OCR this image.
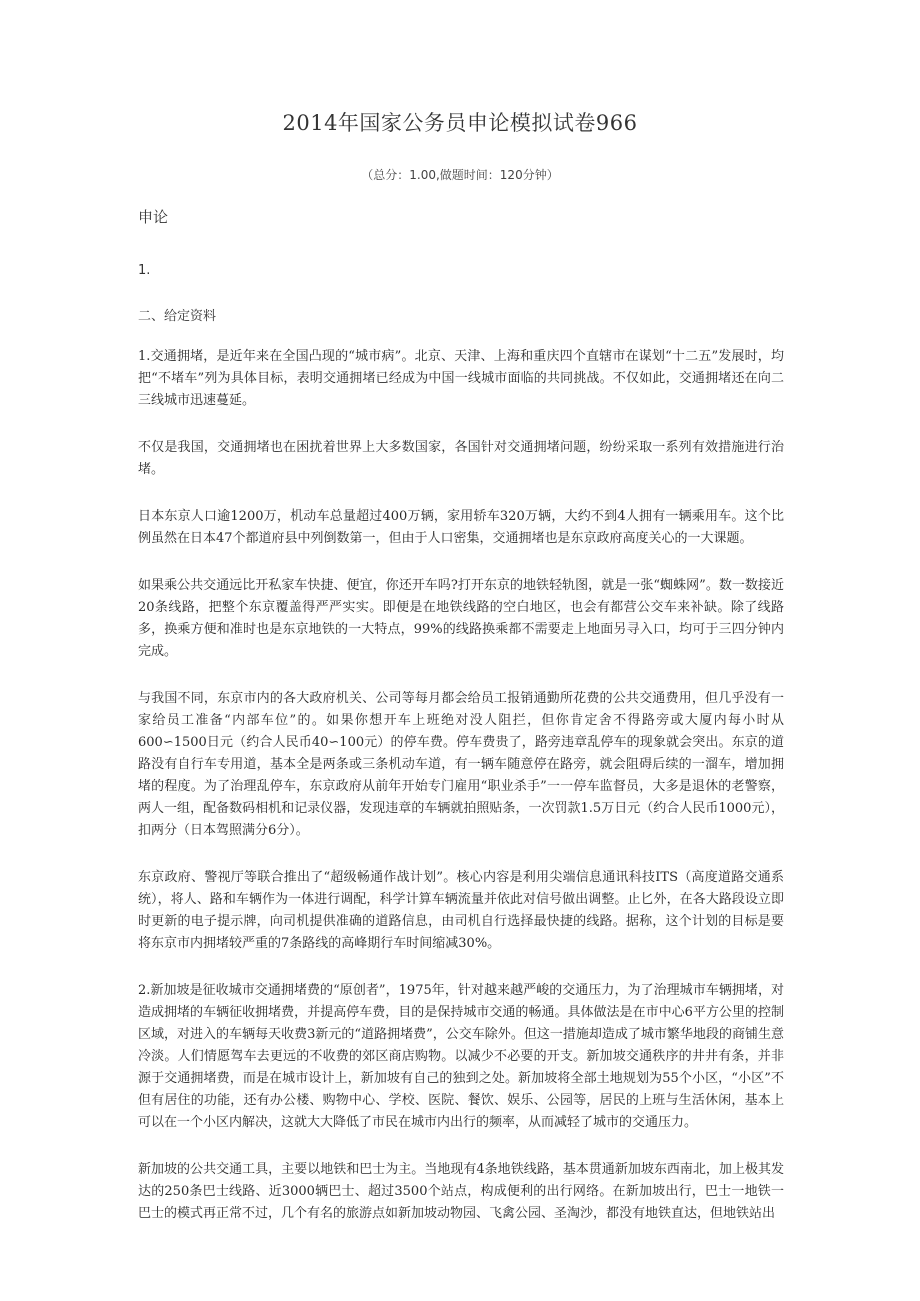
2014年国家公务员申论模拟试卷966
（总分：1.00,做题时间：120分钟）
申论
1.
二、给定资料

1.交通拥堵，是近年来在全国凸现的“城市病”。北京、天津、上海和重庆四个直辖市在谋划“十二五”发展时，均把“不堵车”列为具体目标，表明交通拥堵已经成为中国一线城市面临的共同挑战。不仅如此，交通拥堵还在向二三线城市迅速蔓延。

不仅是我国，交通拥堵也在困扰着世界上大多数国家，各国针对交通拥堵问题，纷纷采取一系列有效措施进行治堵。

日本东京人口逾1200万，机动车总量超过400万辆，家用轿车320万辆，大约不到4人拥有一辆乘用车。这个比例虽然在日本47个都道府县中列倒数第一，但由于人口密集，交通拥堵也是东京政府高度关心的一大课题。

如果乘公共交通远比开私家车快捷、便宜，你还开车吗?打开东京的地铁轻轨图，就是一张“蜘蛛网”。数一数接近20条线路，把整个东京覆盖得严严实实。即便是在地铁线路的空白地区，也会有都营公交车来补缺。除了线路多，换乘方便和准时也是东京地铁的一大特点，99%的线路换乘都不需要走上地面另寻入口，均可于三四分钟内完成。

与我国不同，东京市内的各大政府机关、公司等每月都会给员工报销通勤所花费的公共交通费用，但几乎没有一家给员工准备“内部车位”的。如果你想开车上班绝对没人阻拦，但你肯定舍不得路旁或大厦内每小时从600∽1500日元（约合人民币40∽100元）的停车费。停车费贵了，路旁违章乱停车的现象就会突出。东京的道路没有自行车专用道，基本全是两条或三条机动车道，有一辆车随意停在路旁，就会阻碍后续的一溜车，增加拥堵的程度。为了治理乱停车，东京政府从前年开始专门雇用“职业杀手”一一停车监督员，大多是退休的老警察，两人一组，配备数码相机和记录仪器，发现违章的车辆就拍照贴条，一次罚款1.5万日元（约合人民币1000元），扣两分（日本驾照满分6分）。

东京政府、警视厅等联合推出了“超级畅通作战计划”。核心内容是利用尖端信息通讯科技ITS（高度道路交通系统），将人、路和车辆作为一体进行调配，科学计算车辆流量并依此对信号做出调整。止匕外，在各大路段设立即时更新的电子提示牌，向司机提供准确的道路信息，由司机自行选择最快捷的线路。据称，这个计划的目标是要将东京市内拥堵较严重的7条路线的高峰期行车时间缩减30%。

2.新加坡是征收城市交通拥堵费的“原创者”，1975年，针对越来越严峻的交通压力，为了治理城市车辆拥堵，对造成拥堵的车辆征收拥堵费，并提高停车费，目的是保持城市交通的畅通。具体做法是在市中心6平方公里的控制区域，对进入的车辆每天收费3新元的“道路拥堵费”，公交车除外。但这一措施却造成了城市繁华地段的商铺生意冷淡。人们情愿驾车去更远的不收费的郊区商店购物。以减少不必要的开支。新加坡交通秩序的井井有条，并非源于交通拥堵费，而是在城市设计上，新加坡有自己的独到之处。新加坡将全部土地规划为55个小区，“小区”不但有居住的功能，还有办公楼、购物中心、学校、医院、餐饮、娱乐、公园等，居民的上班与生活休闲，基本上可以在一个小区内解决，这就大大降低了市民在城市内出行的频率，从而减轻了城市的交通压力。

新加坡的公共交通工具，主要以地铁和巴士为主。当地现有4条地铁线路，基本贯通新加坡东西南北，加上极其发达的250条巴士线路、近3000辆巴士、超过3500个站点，构成便利的出行网络。在新加坡出行，巴士一地铁一巴士的模式再正常不过，几个有名的旅游点如新加坡动物园、飞禽公园、圣淘沙，都没有地铁直达，但地铁站出
